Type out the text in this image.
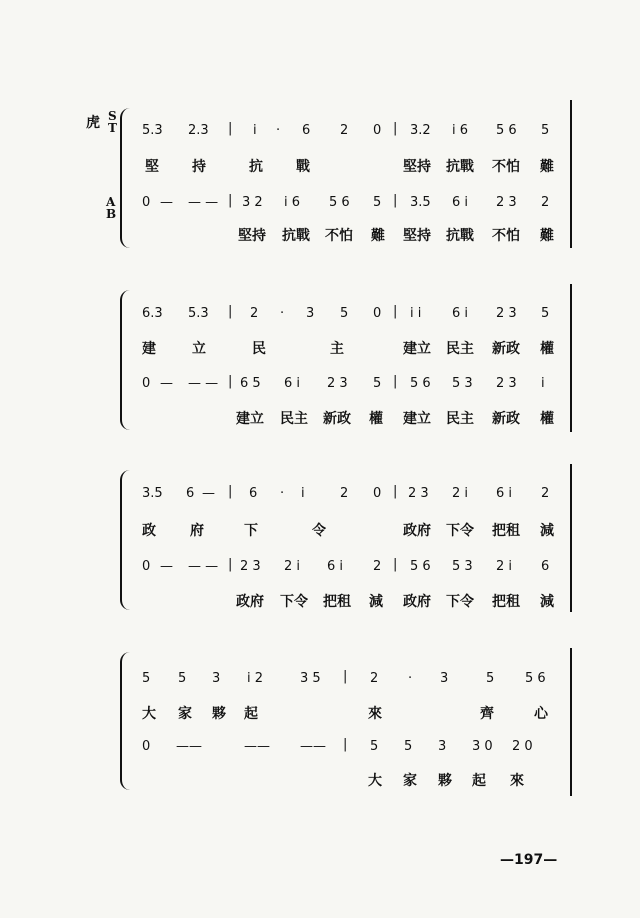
虎 S
T
A
B
5.3 2.3 | i · 6 2 0 | 3.2 i 6 5 6 5
堅 持	抗 戰	堅持 抗戰 不怕 難
0 — — — | 3 2 i 6 5 6 5 | 3.5 6 i 2 3 2
堅持 抗戰 不怕 難 堅持 抗戰 不怕 難
6.3 5.3 | 2 · 3 5 0 | i i 6 i 2 3 5
建	立	民	主	建立 民主 新政 權
0 — — — | 6 5 6 i 2 3 5 | 5 6 5 3 2 3 i
建立 民主 新政 權 建立 民主 新政 權
3.5 6 — | 6 · i	2 0 | 2 3 2 i 6 i 2
政 府	下	令	政府 下令 把租 減
0 — — — | 2 3 2 i 6 i 2 | 5 6 5 3 2 i 6
政府 下令 把租 減 政府 下令 把租 減
5 5 3 i 2	3 5 | 2 · 3	5 5 6
大 家 夥 起	來	齊	心
0 ——	—— —— | 5 5 3 3 0 2 0
大 家 夥 起 來
—197—
